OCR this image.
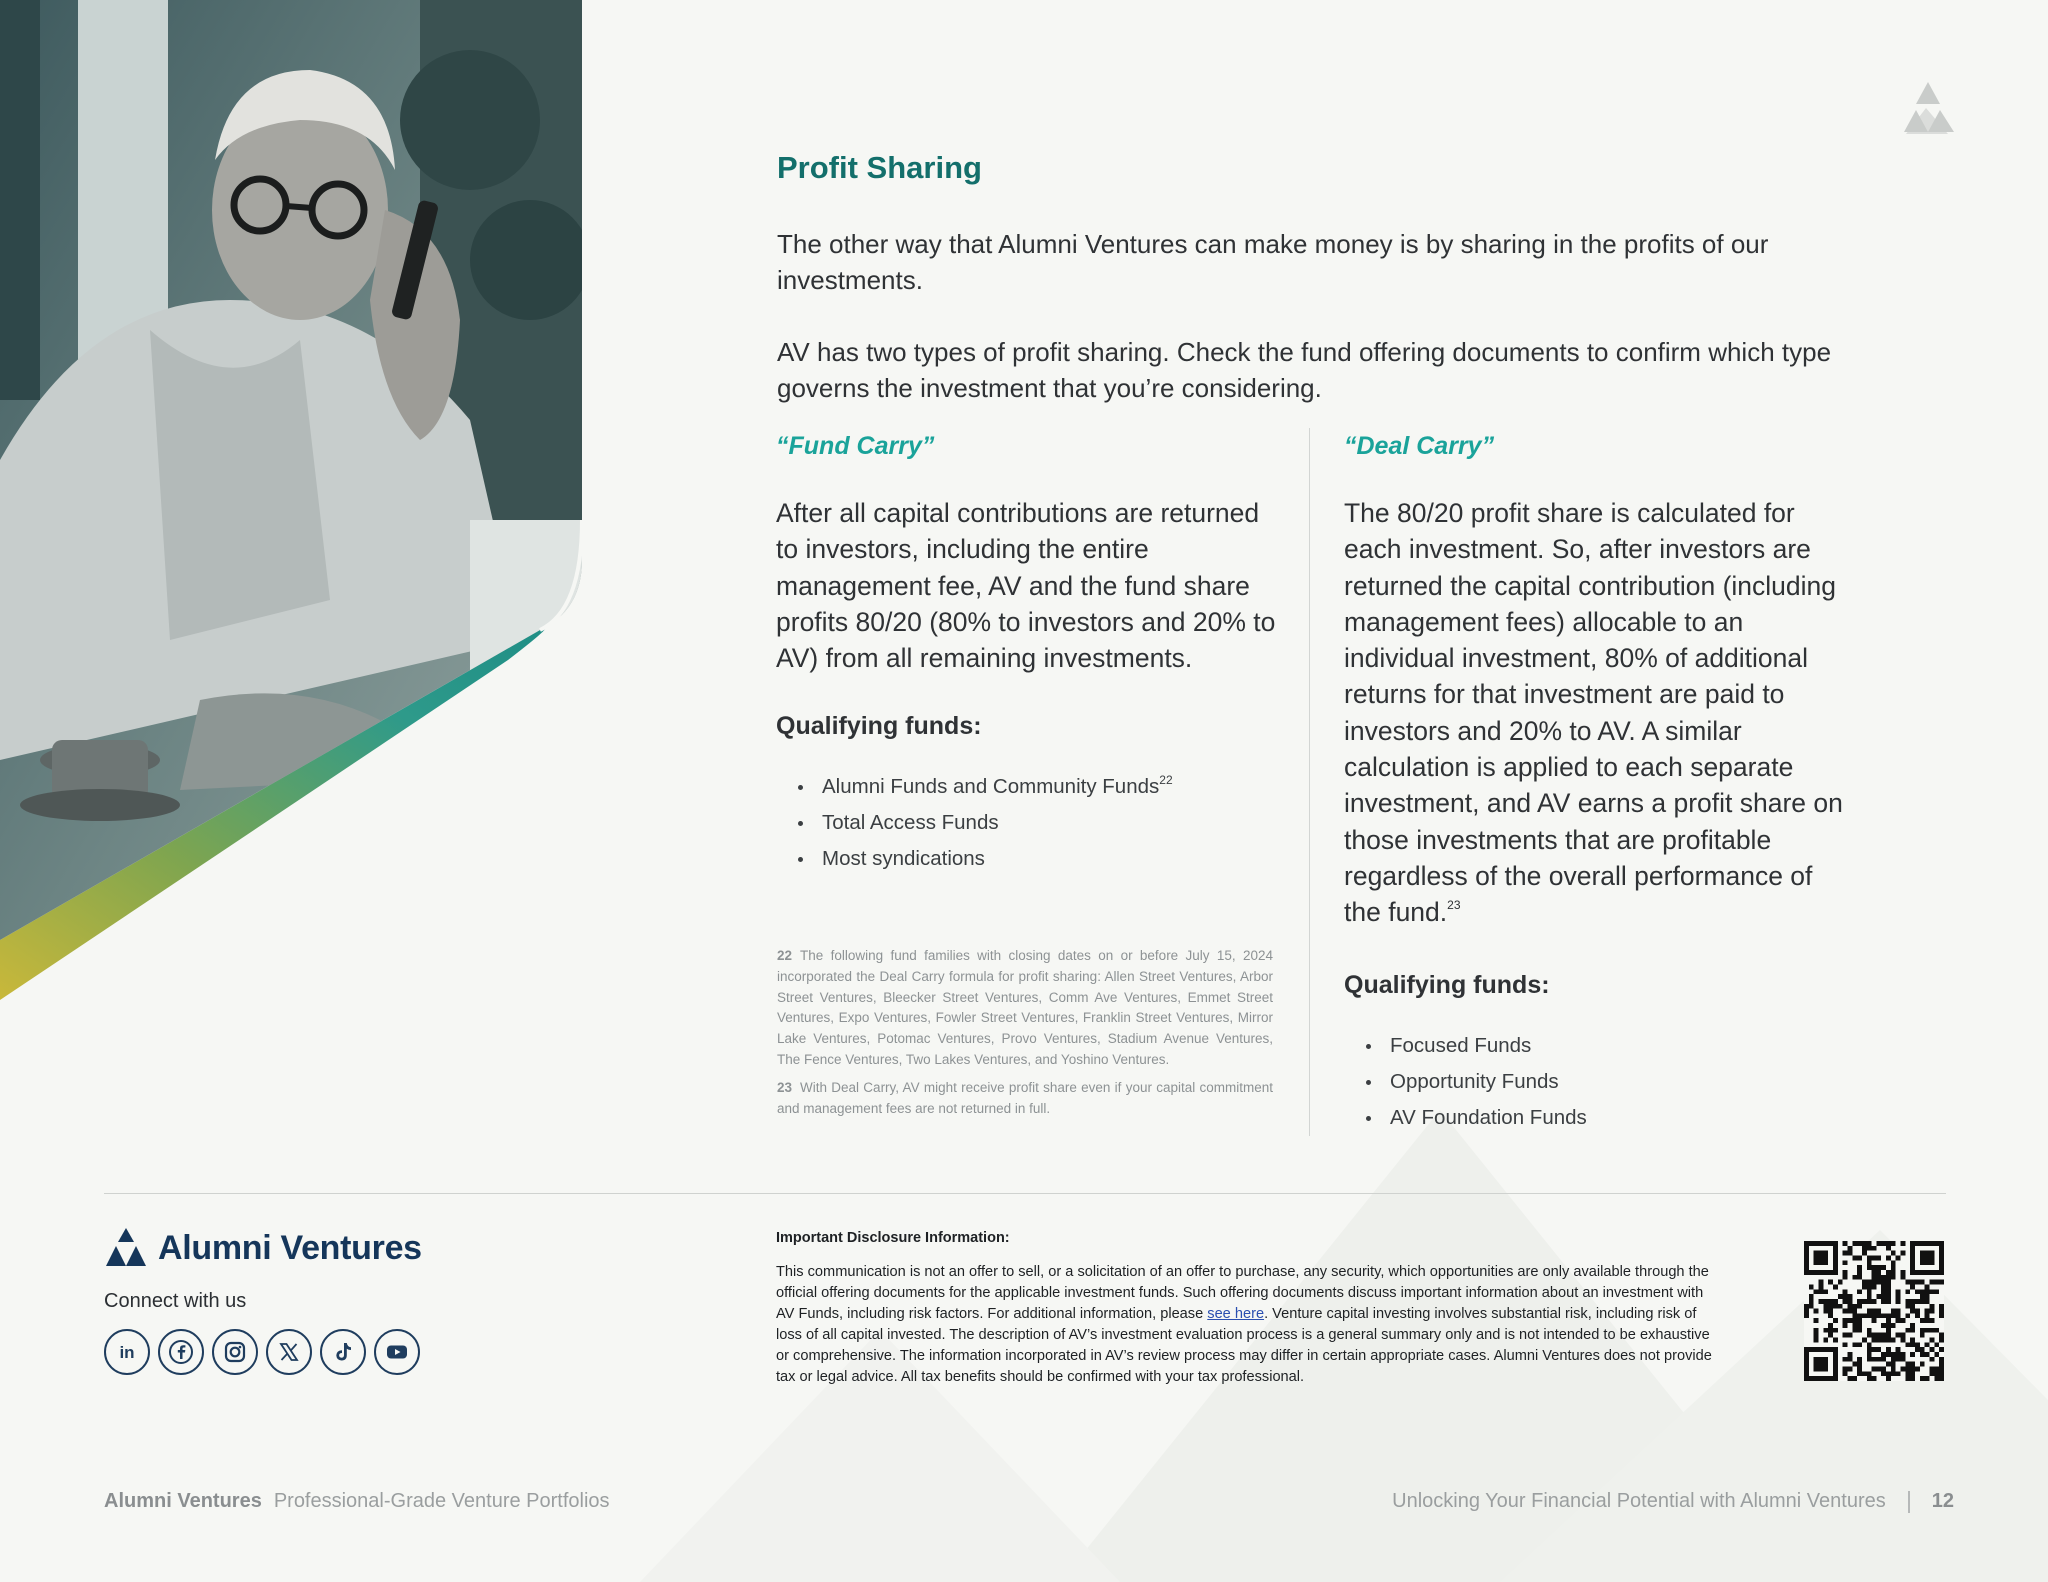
Profit Sharing

The other way that Alumni Ventures can make money is by sharing in the profits of our investments.

AV has two types of profit sharing. Check the fund offering documents to confirm which type governs the investment that you’re considering.

“Fund Carry”

After all capital contributions are returned to investors, including the entire management fee, AV and the fund share profits 80/20 (80% to investors and 20% to AV) from all remaining investments.

Qualifying funds:

Alumni Funds and Community Funds$^{22}$
Total Access Funds
Most syndications

“Deal Carry”

The 80/20 profit share is calculated for each investment. So, after investors are returned the capital contribution (including management fees) allocable to an individual investment, 80% of additional returns for that investment are paid to investors and 20% to AV. A similar calculation is applied to each separate investment, and AV earns a profit share on those investments that are profitable regardless of the overall performance of the fund.$^{23}$

Qualifying funds:

Focused Funds
Opportunity Funds
AV Foundation Funds

22 The following fund families with closing dates on or before July 15, 2024 incorporated the Deal Carry formula for profit sharing: Allen Street Ventures, Arbor Street Ventures, Bleecker Street Ventures, Comm Ave Ventures, Emmet Street Ventures, Expo Ventures, Fowler Street Ventures, Franklin Street Ventures, Mirror Lake Ventures, Potomac Ventures, Provo Ventures, Stadium Avenue Ventures, The Fence Ventures, Two Lakes Ventures, and Yoshino Ventures.

23 With Deal Carry, AV might receive profit share even if your capital commitment and management fees are not returned in full.

Alumni Ventures
Connect with us
in

Important Disclosure Information:

This communication is not an offer to sell, or a solicitation of an offer to purchase, any security, which opportunities are only available through the official offering documents for the applicable investment funds. Such offering documents discuss important information about an investment with AV Funds, including risk factors. For additional information, please see here. Venture capital investing involves substantial risk, including risk of loss of all capital invested. The description of AV’s investment evaluation process is a general summary only and is not intended to be exhaustive or comprehensive. The information incorporated in AV’s review process may differ in certain appropriate cases. Alumni Ventures does not provide tax or legal advice. All tax benefits should be confirmed with your tax professional.

Alumni Ventures Professional-Grade Venture Portfolios	Unlocking Your Financial Potential with Alumni Ventures 12
